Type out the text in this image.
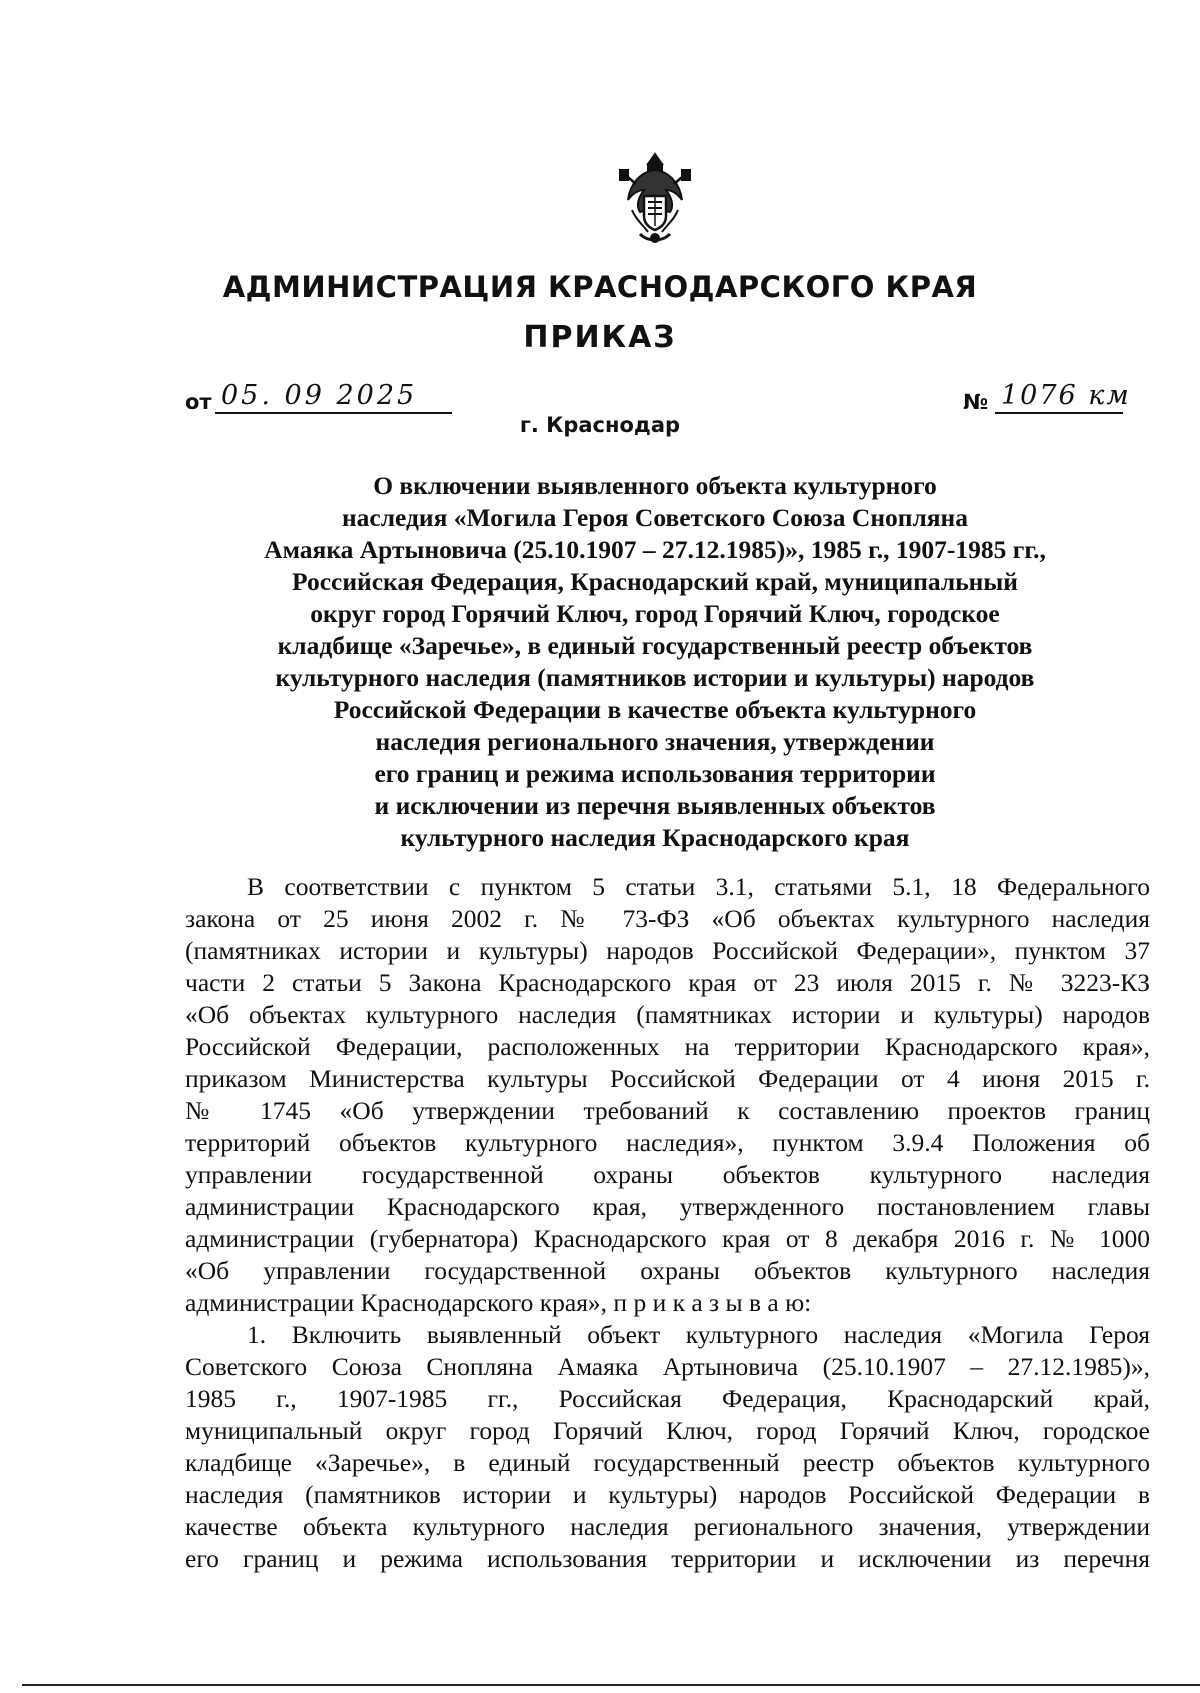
АДМИНИСТРАЦИЯ КРАСНОДАРСКОГО КРАЯ
ПРИКАЗ
от 05. 09 2025	№ 1076 км
г. Краснодар
О включении выявленного объекта культурного
наследия «Могила Героя Советского Союза Снопляна
Амаяка Артыновича (25.10.1907 – 27.12.1985)», 1985 г., 1907-1985 гг.,
Российская Федерация, Краснодарский край, муниципальный
округ город Горячий Ключ, город Горячий Ключ, городское
кладбище «Заречье», в единый государственный реестр объектов
культурного наследия (памятников истории и культуры) народов
Российской Федерации в качестве объекта культурного
наследия регионального значения, утверждении
его границ и режима использования территории
и исключении из перечня выявленных объектов
культурного наследия Краснодарского края
В соответствии с пунктом 5 статьи 3.1, статьями 5.1, 18 Федерального
закона от 25 июня 2002 г. № 73-ФЗ «Об объектах культурного наследия
(памятниках истории и культуры) народов Российской Федерации», пунктом 37
части 2 статьи 5 Закона Краснодарского края от 23 июля 2015 г. № 3223-КЗ
«Об объектах культурного наследия (памятниках истории и культуры) народов
Российской Федерации, расположенных на территории Краснодарского края»,
приказом Министерства культуры Российской Федерации от 4 июня 2015 г.
№ 1745 «Об утверждении требований к составлению проектов границ
территорий объектов культурного наследия», пунктом 3.9.4 Положения об
управлении государственной охраны объектов культурного наследия
администрации Краснодарского края, утвержденного постановлением главы
администрации (губернатора) Краснодарского края от 8 декабря 2016 г. № 1000
«Об управлении государственной охраны объектов культурного наследия
администрации Краснодарского края», п р и к а з ы в а ю:
1. Включить выявленный объект культурного наследия «Могила Героя
Советского Союза Снопляна Амаяка Артыновича (25.10.1907 – 27.12.1985)»,
1985 г., 1907-1985 гг., Российская Федерация, Краснодарский край,
муниципальный округ город Горячий Ключ, город Горячий Ключ, городское
кладбище «Заречье», в единый государственный реестр объектов культурного
наследия (памятников истории и культуры) народов Российской Федерации в
качестве объекта культурного наследия регионального значения, утверждении
его границ и режима использования территории и исключении из перечня
